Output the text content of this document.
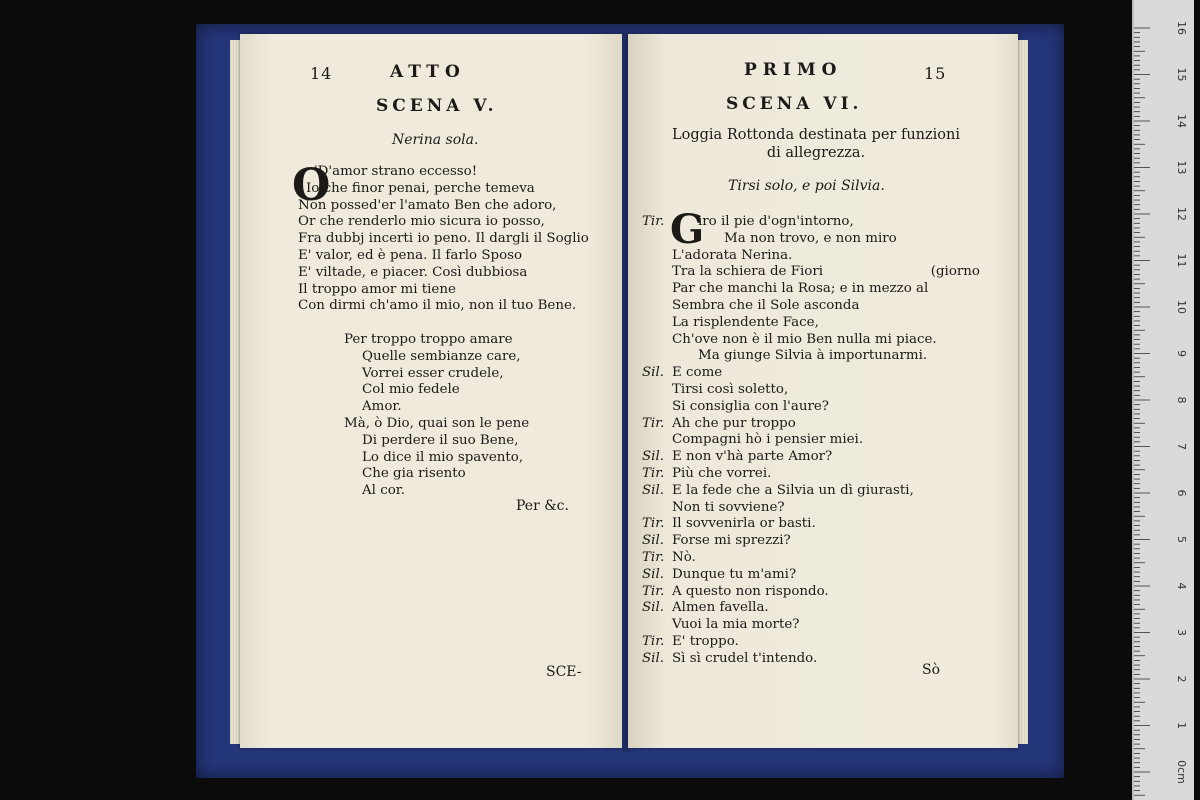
14	ATTO
SCENA V.
Nerina sola.
O
'D'amor strano eccesso!
Io che finor penai, perche temeva
Non possed'er l'amato Ben che adoro,
Or che renderlo mio sicura io posso,
Fra dubbj incerti io peno. Il dargli il Soglio
E' valor, ed è pena. Il farlo Sposo
E' viltade, e piacer. Così dubbiosa
Il troppo amor mi tiene
Con dirmi ch'amo il mio, non il tuo Bene.
Per troppo troppo amare
Quelle sembianze care,
Vorrei esser crudele,
Col mio fedele
Amor.
Mà, ò Dio, quai son le pene
Di perdere il suo Bene,
Lo dice il mio spavento,
Che gia risento
Al cor.
Per &c.
SCE-
PRIMO	15
SCENA VI.
Loggia Rottonda destinata per funzioni
di allegrezza.
Tirsi solo, e poi Silvia.
G
Tir.	iro il pie d'ogn'intorno,
Ma non trovo, e non miro
L'adorata Nerina.
Tra la schiera de Fiori	(giorno
Par che manchi la Rosa; e in mezzo al
Sembra che il Sole asconda
La risplendente Face,
Ch'ove non è il mio Ben nulla mi piace.
Ma giunge Silvia à importunarmi.
Sil. E come
Tirsi così soletto,
Si consiglia con l'aure?
Tir. Ah che pur troppo
Compagni hò i pensier miei.
Sil. E non v'hà parte Amor?
Tir. Più che vorrei.
Sil. E la fede che a Silvia un dì giurasti,
Non ti sovviene?
Tir. Il sovvenirla or basti.
Sil. Forse mi sprezzi?
Tir. Nò.
Sil. Dunque tu m'ami?
Tir. A questo non rispondo.
Sil. Almen favella.
Vuoi la mia morte?
Tir. E' troppo.
Sil. Sì sì crudel t'intendo.
Sò
16
15
14
13
12
11
10
9
8
7
6
5
4
3
2
1
0cm
